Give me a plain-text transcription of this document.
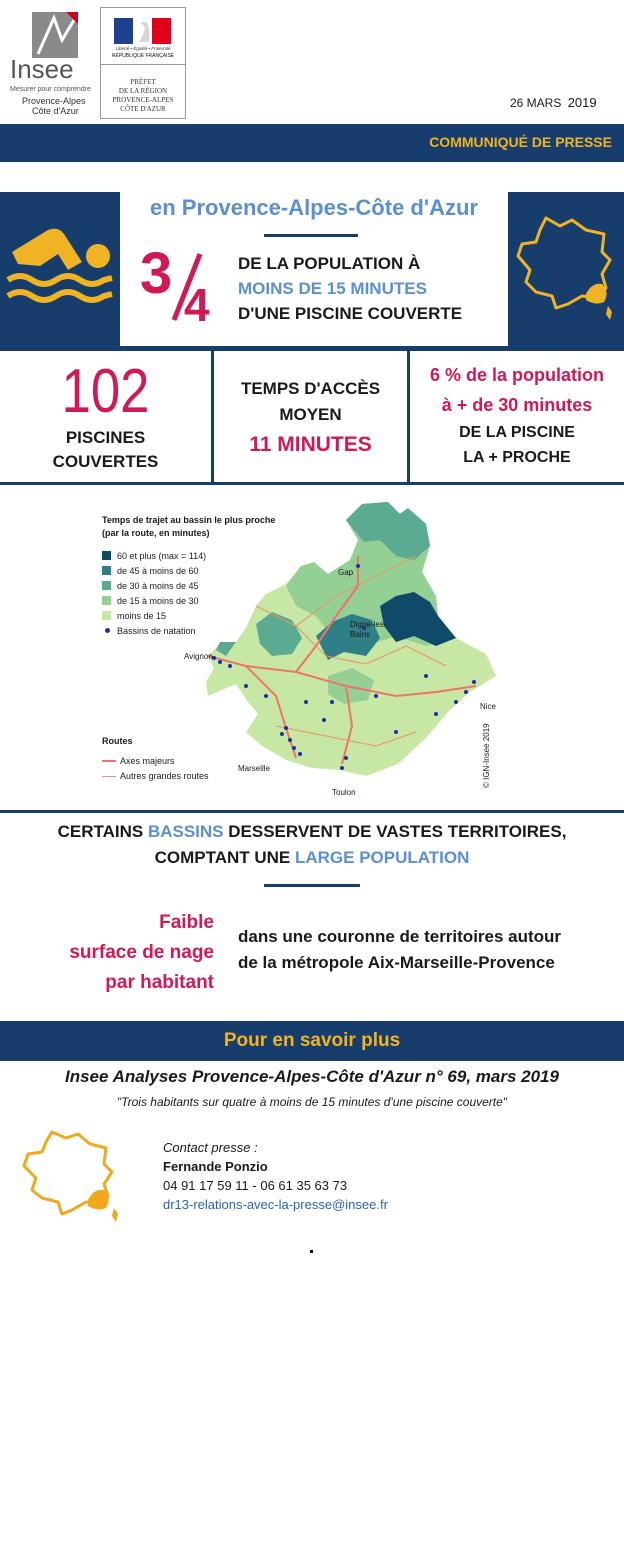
Insee
Mesurer pour comprendre
Provence-Alpes
Côte d'Azur
Liberté • Égalité • Fraternité
RÉPUBLIQUE FRANÇAISE
PRÉFET
DE LA RÉGION
PROVENCE-ALPES
CÔTE D'AZUR	26 MARS 2019
COMMUNIQUÉ DE PRESSE
en Provence-Alpes-Côte d'Azur
3 4
DE LA POPULATION À
MOINS DE 15 MINUTES
D'UNE PISCINE COUVERTE
102
PISCINES
COUVERTES
TEMPS D'ACCÈS
MOYEN
11 MINUTES
6 % de la population
à + de 30 minutes
DE LA PISCINE
LA + PROCHE
Temps de trajet au bassin le plus proche
(par la route, en minutes)
60 et plus (max = 114)
de 45 à moins de 60
de 30 à moins de 45
de 15 à moins de 30
moins de 15
Bassins de natation
Routes
Axes majeurs
Autres grandes routes
Gap
Digne-les-Bains
Avignon
Nice
Marseille
Toulon
© IGN-Insee 2019
CERTAINS BASSINS DESSERVENT DE VASTES TERRITOIRES,
COMPTANT UNE LARGE POPULATION
Faible
surface de nage
par habitant
dans une couronne de territoires autour
de la métropole Aix-Marseille-Provence
Pour en savoir plus
Insee Analyses Provence-Alpes-Côte d'Azur n° 69, mars 2019
"Trois habitants sur quatre à moins de 15 minutes d'une piscine couverte"
Contact presse :
Fernande Ponzio
04 91 17 59 11 - 06 61 35 63 73
dr13-relations-avec-la-presse@insee.fr
